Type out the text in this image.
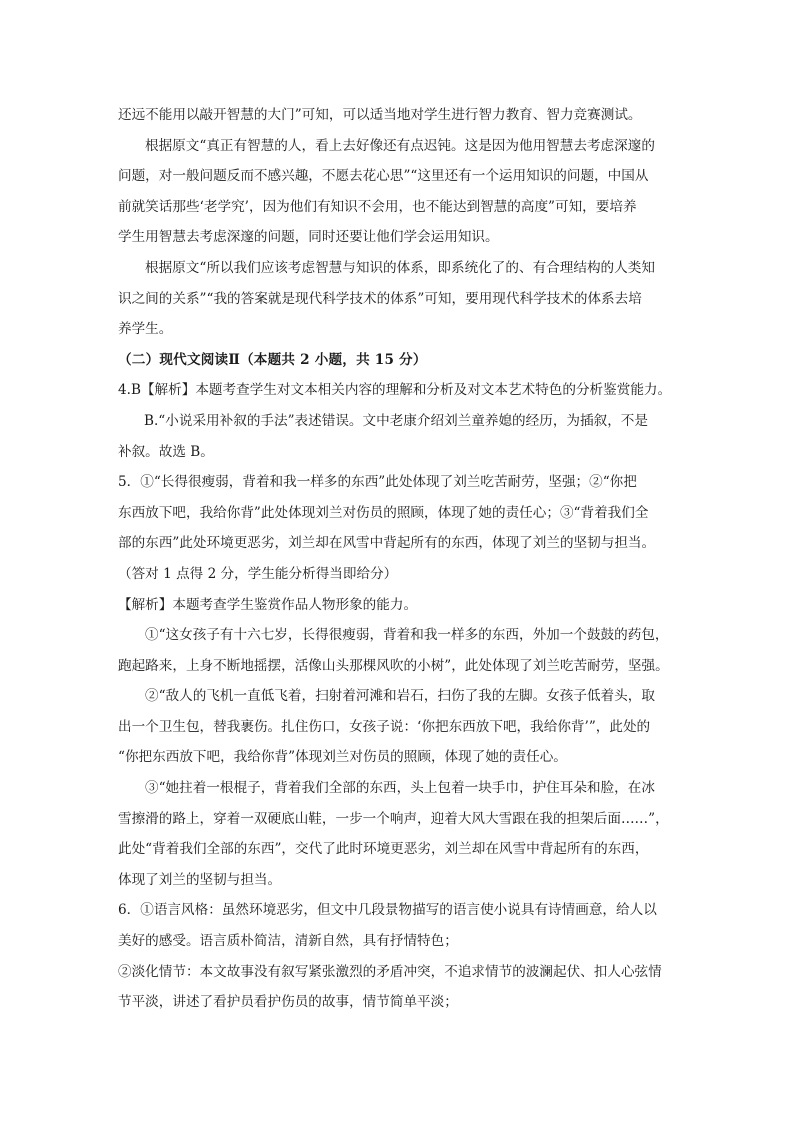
还远不能用以敲开智慧的大门”可知，可以适当地对学生进行智力教育、智力竞赛测试。
根据原文“真正有智慧的人，看上去好像还有点迟钝。这是因为他用智慧去考虑深邃的
问题，对一般问题反而不感兴趣，不愿去花心思”“这里还有一个运用知识的问题，中国从
前就笑话那些‘老学究’，因为他们有知识不会用，也不能达到智慧的高度”可知，要培养
学生用智慧去考虑深邃的问题，同时还要让他们学会运用知识。
根据原文“所以我们应该考虑智慧与知识的体系，即系统化了的、有合理结构的人类知
识之间的关系”“我的答案就是现代科学技术的体系”可知，要用现代科学技术的体系去培
养学生。
（二）现代文阅读Ⅱ（本题共 2 小题，共 15 分）
4.B【解析】本题考查学生对文本相关内容的理解和分析及对文本艺术特色的分析鉴赏能力。
B.“小说采用补叙的手法”表述错误。文中老康介绍刘兰童养媳的经历，为插叙，不是
补叙。故选 B。
5．①“长得很瘦弱，背着和我一样多的东西”此处体现了刘兰吃苦耐劳，坚强；②“你把
东西放下吧，我给你背”此处体现刘兰对伤员的照顾，体现了她的责任心；③“背着我们全
部的东西”此处环境更恶劣，刘兰却在风雪中背起所有的东西，体现了刘兰的坚韧与担当。
（答对 1 点得 2 分，学生能分析得当即给分）
【解析】本题考查学生鉴赏作品人物形象的能力。
①“这女孩子有十六七岁，长得很瘦弱，背着和我一样多的东西，外加一个鼓鼓的药包，
跑起路来，上身不断地摇摆，活像山头那棵风吹的小树”，此处体现了刘兰吃苦耐劳，坚强。
②“敌人的飞机一直低飞着，扫射着河滩和岩石，扫伤了我的左脚。女孩子低着头，取
出一个卫生包，替我裹伤。扎住伤口，女孩子说：‘你把东西放下吧，我给你背’”，此处的
“你把东西放下吧，我给你背”体现刘兰对伤员的照顾，体现了她的责任心。
③“她拄着一根棍子，背着我们全部的东西，头上包着一块手巾，护住耳朵和脸，在冰
雪擦滑的路上，穿着一双硬底山鞋，一步一个响声，迎着大风大雪跟在我的担架后面……”，
此处“背着我们全部的东西”，交代了此时环境更恶劣，刘兰却在风雪中背起所有的东西，
体现了刘兰的坚韧与担当。
6．①语言风格：虽然环境恶劣，但文中几段景物描写的语言使小说具有诗情画意，给人以
美好的感受。语言质朴简洁，清新自然，具有抒情特色；
②淡化情节：本文故事没有叙写紧张激烈的矛盾冲突，不追求情节的波澜起伏、扣人心弦情
节平淡，讲述了看护员看护伤员的故事，情节简单平淡；
